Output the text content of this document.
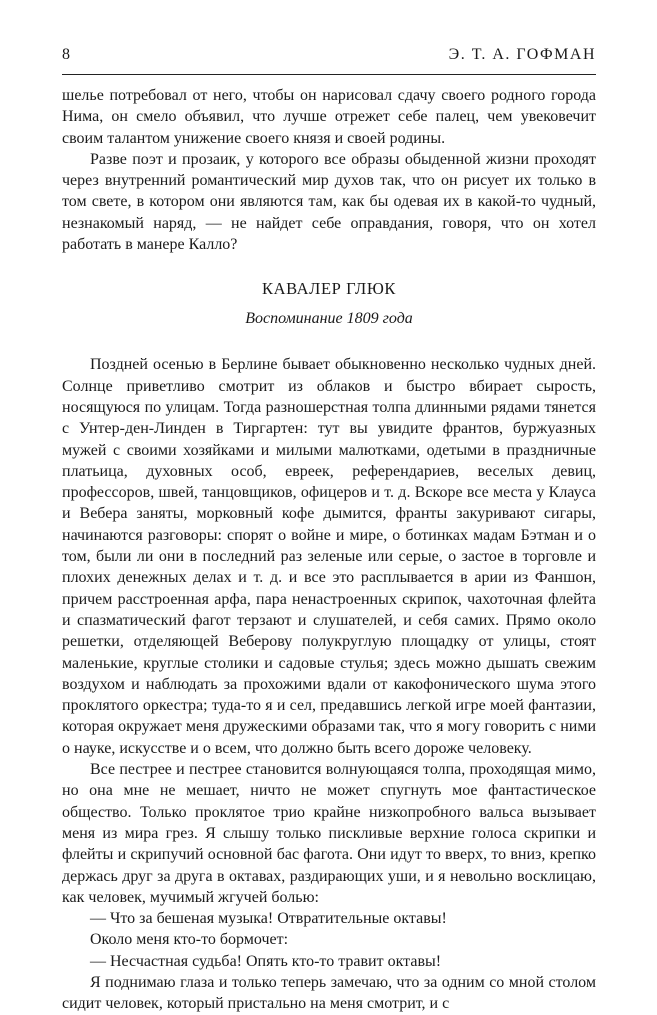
8	Э. Т. А. ГОФМАН

шельe потребовал от него, чтобы он нарисовал сдачу своего родного города Нима, он смело объявил, что лучше отрежет себе палец, чем увековечит своим талантом унижение своего князя и своей родины.

Разве поэт и прозаик, у которого все образы обыденной жизни проходят через внутренний романтический мир духов так, что он рисует их только в том свете, в котором они являются там, как бы одевая их в какой-то чудный, незнакомый наряд, — не найдет себе оправдания, говоря, что он хотел работать в манере Калло?

КАВАЛЕР ГЛЮК
Воспоминание 1809 года

Поздней осенью в Берлине бывает обыкновенно несколько чудных дней. Солнце приветливо смотрит из облаков и быстро вбирает сырость, носящуюся по улицам. Тогда разношерстная толпа длинными рядами тянется с Унтер-ден-Линден в Тиргартен: тут вы увидите франтов, буржуазных мужей с своими хозяйками и милыми малютками, одетыми в праздничные платьица, духовных особ, евреек, референдариев, веселых девиц, профессоров, швей, танцовщиков, офицеров и т. д. Вскоре все места у Клауса и Вебера заняты, морковный кофе дымится, франты закуривают сигары, начинаются разговоры: спорят о войне и мире, о ботинках мадам Бэтман и о том, были ли они в последний раз зеленые или серые, о застое в торговле и плохих денежных делах и т. д. и все это расплывается в арии из Фаншон, причем расстроенная арфа, пара ненастроенных скрипок, чахоточная флейта и спазматический фагот терзают и слушателей, и себя самих. Прямо около решетки, отделяющей Веберову полукруглую площадку от улицы, стоят маленькие, круглые столики и садовые стулья; здесь можно дышать свежим воздухом и наблюдать за прохожими вдали от какофонического шума этого проклятого оркестра; туда-то я и сел, предавшись легкой игре моей фантазии, которая окружает меня дружескими образами так, что я могу говорить с ними о науке, искусстве и о всем, что должно быть всего дороже человеку.

Все пестрее и пестрее становится волнующаяся толпа, проходящая мимо, но она мне не мешает, ничто не может спугнуть мое фантастическое общество. Только проклятое трио крайне низкопробного вальса вызывает меня из мира грез. Я слышу только пискливые верхние голоса скрипки и флейты и скрипучий основной бас фагота. Они идут то вверх, то вниз, крепко держась друг за друга в октавах, раздирающих уши, и я невольно восклицаю, как человек, мучимый жгучей болью:

— Что за бешеная музыка! Отвратительные октавы!

Около меня кто-то бормочет:

— Несчастная судьба! Опять кто-то травит октавы!

Я поднимаю глаза и только теперь замечаю, что за одним со мной столом сидит человек, который пристально на меня смотрит, и с
